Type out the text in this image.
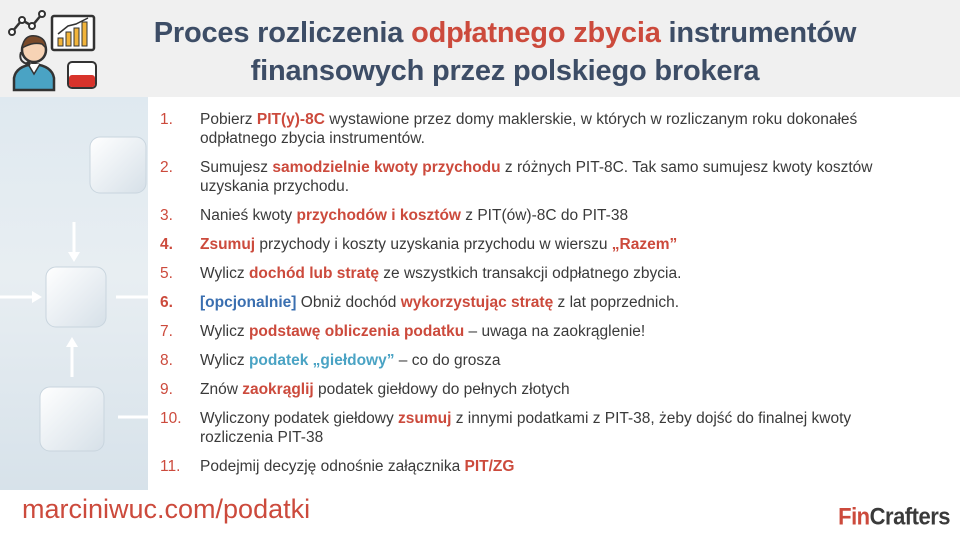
Proces rozliczenia odpłatnego zbycia instrumentów finansowych przez polskiego brokera
1. Pobierz PIT(y)-8C wystawione przez domy maklerskie, w których w rozliczanym roku dokonałeś odpłatnego zbycia instrumentów.
2. Sumujesz samodzielnie kwoty przychodu z różnych PIT-8C. Tak samo sumujesz kwoty kosztów uzyskania przychodu.
3. Nanieś kwoty przychodów i kosztów z PIT(ów)-8C do PIT-38
4. Zsumuj przychody i koszty uzyskania przychodu w wierszu „Razem”
5. Wylicz dochód lub stratę ze wszystkich transakcji odpłatnego zbycia.
6. [opcjonalnie] Obniż dochód wykorzystując stratę z lat poprzednich.
7. Wylicz podstawę obliczenia podatku – uwaga na zaokrąglenie!
8. Wylicz podatek „giełdowy” – co do grosza
9. Znów zaokrąglij podatek giełdowy do pełnych złotych
10. Wyliczony podatek giełdowy zsumuj z innymi podatkami z PIT-38, żeby dojść do finalnej kwoty rozliczenia PIT-38
11. Podejmij decyzję odnośnie załącznika PIT/ZG
marciniwuc.com/podatki	FinCrafters
